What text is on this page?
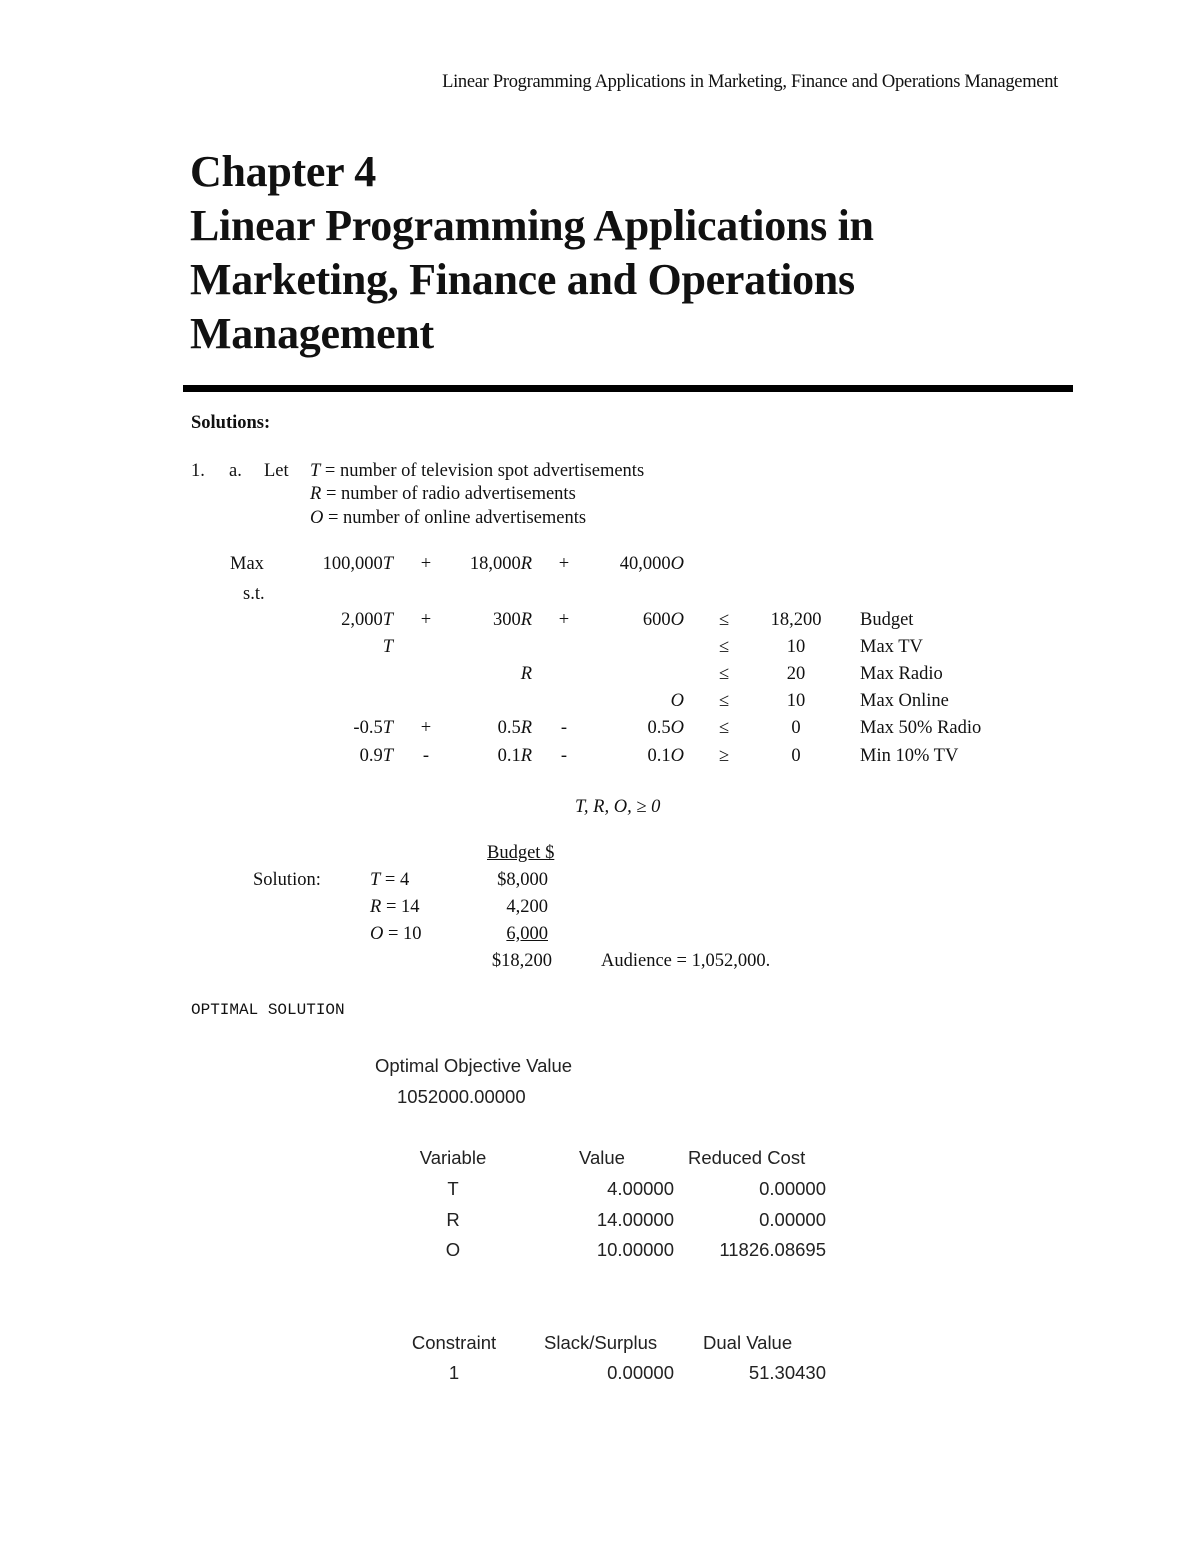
Linear Programming Applications in Marketing, Finance and Operations Management
Chapter 4
Linear Programming Applications in
Marketing, Finance and Operations
Management
Solutions:
1. a. Let T = number of television spot advertisements
R = number of radio advertisements
O = number of online advertisements
Max	100,000T +	18,000R +	40,000O
s.t.
2,000T +	300R +	600O	≤	18,200	Budget
T	≤	10	Max TV
R	≤	20	Max Radio
O	≤	10	Max Online
-0.5T +	0.5R	-	0.5O	≤	0	Max 50% Radio
0.9T	-	0.1R	-	0.1O	≥	0	Min 10% TV
T, R, O, ≥ 0
Budget $
Solution:	T = 4	$8,000
R = 14	4,200
O = 10	6,000
$18,200	Audience = 1,052,000.
OPTIMAL SOLUTION
Optimal Objective Value
1052000.00000
Variable	Value	Reduced Cost
T	4.00000	0.00000
R	14.00000	0.00000
O	10.00000	11826.08695
Constraint	Slack/Surplus Dual Value
1	0.00000	51.30430
